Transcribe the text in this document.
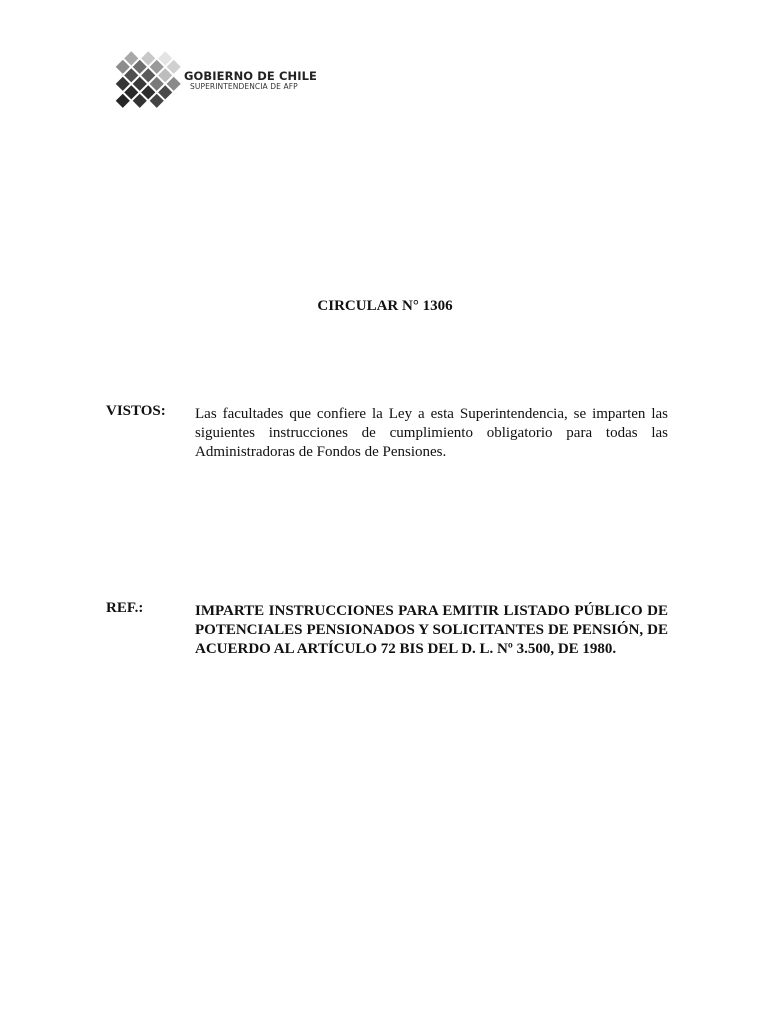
GOBIERNO DE CHILE
SUPERINTENDENCIA DE AFP
CIRCULAR N° 1306

VISTOS: Las facultades que confiere la Ley a esta Superintendencia, se imparten las siguientes instrucciones de cumplimiento obligatorio para todas las Administradoras de Fondos de Pensiones.

REF.:	IMPARTE INSTRUCCIONES PARA EMITIR LISTADO PÚBLICO DE POTENCIALES PENSIONADOS Y SOLICITANTES DE PENSIÓN, DE ACUERDO AL ARTÍCULO 72 BIS DEL D. L. Nº 3.500, DE 1980.
